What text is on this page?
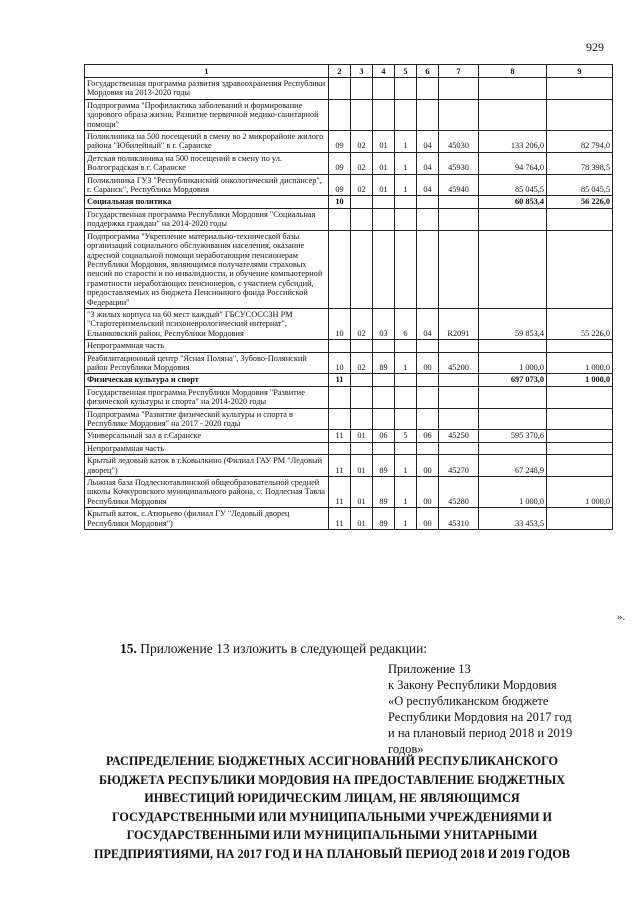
929
1	2	3	4	5	6	7	8	9
Государственная программа развития здравоохранения Республики Мордовия на 2013-2020 годы								
Подпрограмма "Профилактика заболеваний и формирование здорового образа жизни. Развитие первичной медико-санитарной помощи"								
Поликлиника на 500 посещений в смену во 2 микрорайоне жилого района "Юбилейный" в г. Саранске	09	02	01	1	04	45030	133 206,0	82 794,0
Детская поликлиника на 500 посещений в смену по ул. Волгоградская в г. Саранске	09	02	01	1	04	45930	94 764,0	78 398,5
Поликлиника ГУЗ "Республиканский онкологический диспансер", г. Саранск", Республика Мордовия	09	02	01	1	04	45940	85 045,5	85 045,5
Социальная политика	10						60 853,4	56 226,0
Государственная программа Республики Мордовия "Социальная поддержка граждан" на 2014-2020 годы								
Подпрограмма "Укрепление материально-технической базы организаций социального обслуживания населения, оказание адресной социальной помощи неработающим пенсионерам Республики Мордовия, являющимся получателями страховых пенсий по старости и по инвалидности, и обучение компьютерной грамотности неработающих пенсионеров, с участием субсидий, предоставляемых из бюджета Пенсионного фонда Российской Федерации"								
"3 жилых корпуса на 60 мест каждый" ГБСУСОССЗН РМ "Старотеризмельский психоневрологический интернат", Ельниковский район, Республики Мордовия	10	02	03	6	04	R2091	59 853,4	55 226,0
Непрограммная часть								
Реабилитационный центр "Ясная Поляна", Зубово-Полянский район Республики Мордовия	10	02	89	1	00	45200	1 000,0	1 000,0
Физическая культура и спорт	11						697 073,0	1 000,0
Государственная программа Республики Мордовия "Развитие физической культуры и спорта" на 2014-2020 годы								
Подпрограмма "Развитие физической культуры и спорта в Республике Мордовия" на 2017 - 2020 годы								
Универсальный зал в г.Саранске	11	01	06	5	06	45250	595 370,6	
Непрограммная часть								
Крытый ледовый каток в г.Ковылкино (Филиал ГАУ РМ "Ледовый дворец")	11	01	89	1	00	45270	67 248,9	
Лыжная база Подлеснотавлинской общеобразовательной средней школы Кочкуровского муниципального района, с. Подлесная Тавла Республики Мордовия	11	01	89	1	00	45280	1 000,0	1 000,0
Крытый каток, с.Атюрьево (филиал ГУ "Ледовый дворец Республики Мордовия")	11	01	89	1	00	45310	33 453,5	
».
15. Приложение 13 изложить в следующей редакции:
Приложение 13
к Закону Республики Мордовия
«О республиканском бюджете
Республики Мордовия на 2017 год
и на плановый период 2018 и 2019
годов»
РАСПРЕДЕЛЕНИЕ БЮДЖЕТНЫХ АССИГНОВАНИЙ РЕСПУБЛИКАНСКОГО
БЮДЖЕТА РЕСПУБЛИКИ МОРДОВИЯ НА ПРЕДОСТАВЛЕНИЕ БЮДЖЕТНЫХ
ИНВЕСТИЦИЙ ЮРИДИЧЕСКИМ ЛИЦАМ, НЕ ЯВЛЯЮЩИМСЯ
ГОСУДАРСТВЕННЫМИ ИЛИ МУНИЦИПАЛЬНЫМИ УЧРЕЖДЕНИЯМИ И
ГОСУДАРСТВЕННЫМИ ИЛИ МУНИЦИПАЛЬНЫМИ УНИТАРНЫМИ
ПРЕДПРИЯТИЯМИ, НА 2017 ГОД И НА ПЛАНОВЫЙ ПЕРИОД 2018 И 2019 ГОДОВ
